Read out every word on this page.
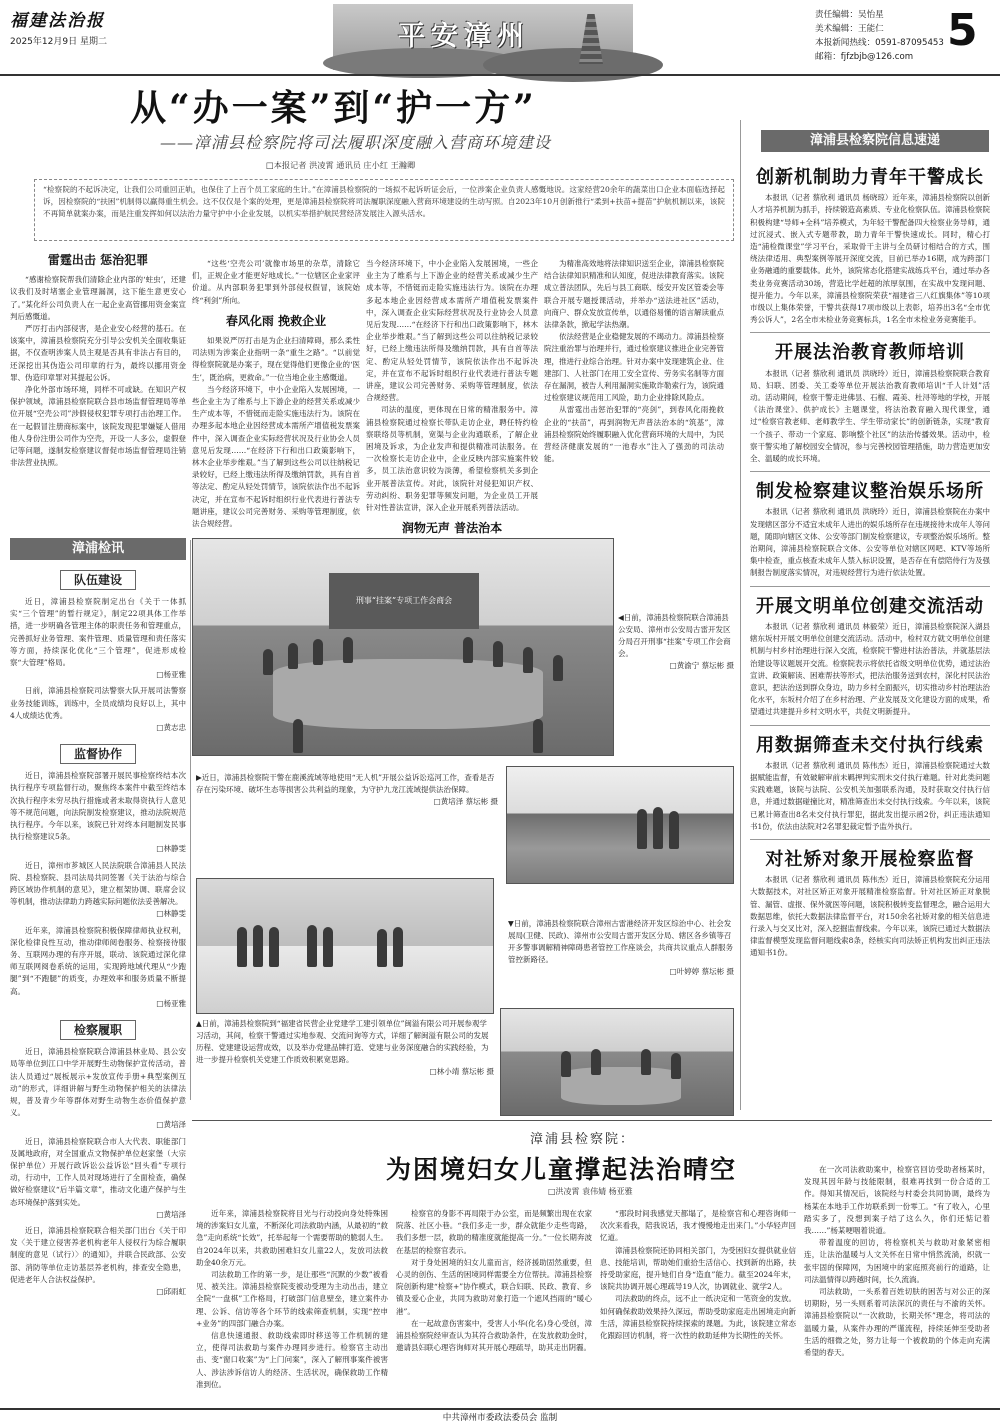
福建法治报
2025年12月9日 星期二	平安漳州
责任编辑：吴怡星
美术编辑：王能仁
本报新闻热线：0591-87095453
邮箱：fjfzbjb@126.com
5
从“办一案”到“护一方”
——漳浦县检察院将司法履职深度融入营商环境建设
□本报记者 洪凌霄 通讯员 庄小红 王瀚卿
“检察院的不起诉决定，让我们公司重回正轨，也保住了上百个员工家庭的生计。”在漳浦县检察院的一场拟不起诉听证会后，一位涉案企业负责人感慨地说。这家经营20余年的蔬菜出口企业本面临选择起诉，因检察院的“扶困”机制得以赢得重生机会。这不仅仅是个案的处理，更是漳浦县检察院将司法履职深度融入营商环境建设的生动写照。自2023年10月创新推行“柔到+扶苗+提苗”护航机制以来，该院不再简单就案办案，而是注重发挥如何以法治力量守护中小企业发展，以机实举措护航民营经济发展注入源头活水。
雷霆出击 惩治犯罪

“感谢检察院帮我们清除企业内部的‘蛀虫’，还建议我们及时堵塞企业管理漏洞，这下能生意更安心了。”某化纤公司负责人在一起企业高管挪用资金案宣判后感慨道。

严厉打击内部侵害，是企业安心经营的基石。在该案中，漳浦县检察院充分引导公安机关全面收集证据，不仅查明涉案人员主观是否具有非法占有目的，还深挖出其伪造公司印章的行为，最终以挪用资金罪、伪造印章罪对其提起公诉。

净化外部市场环境，同样不可或缺。在知识产权保护领域，漳浦县检察院联合县市场监督管理局等单位开展“空壳公司”涉假侵权犯罪专项打击治理工作。在一起假冒注册商标案中，该院发现犯罪嫌疑人借用他人身份注册公司作为空壳，开设一人多公，虚假登记等问题，遂制发检察建议督促市场监督管理局注销非法营业执照。

“这些‘空壳公司’就像市场里的杂草，清除它们，正规企业才能更好地成长。”一位辖区企业家评价道。从内部职务犯罪到外部侵权假冒，该院始终“利剑”所向。

春风化雨 挽救企业

如果说严厉打击是为企业扫清障碍，那么柔性司法则为涉案企业指明一条“重生之路”。“以前觉得检察院就是办案子，现在觉得他们更像企业的‘医生’，既治病，更救命。”一位当地企业主感慨道。

当今经济环境下，中小企业陷入发展困境，一些企业主为了维系与上下游企业的经营关系或减少生产成本等，不惜铤而走险实施违法行为。该院在办理多起本地企业因经营成本需所产增值税发票案件中，深入调查企业实际经营状况及行业协会人员意见后发现……“在经济下行和出口政策影响下，林木企业举步维艰。”当了解到这些公司以往纳税记录较好，已经上缴违法所得及缴纳罚款，具有自首等法定、酌定从轻处罚情节，该院依法作出不起诉决定，并在宣布不起诉时组织行业代表进行普法专题讲座，建议公司完善财务、采购等管理制度，依法合规经营。

当今经济环境下，中小企业陷入发展困境，一些企业主为了维系与上下游企业的经营关系或减少生产成本等，不惜铤而走险实施违法行为。该院在办理多起本地企业因经营成本需所产增值税发票案件中，深入调查企业实际经营状况及行业协会人员意见后发现……“在经济下行和出口政策影响下，林木企业举步维艰。”当了解到这些公司以往纳税记录较好，已经上缴违法所得及缴纳罚款，具有自首等法定、酌定从轻处罚情节，该院依法作出不起诉决定，并在宣布不起诉时组织行业代表进行普法专题讲座，建议公司完善财务、采购等管理制度，依法合规经营。

司法的温度，更体现在日常的精准服务中。漳浦县检察院通过检察长带队走访企业，聘任特约检察联络员等机制，宽渠与企业沟通联系，了解企业困境及诉求，为企业发声和提供精准司法服务。在一次检察长走访企业中，企业反映内部实施案件较多，员工法治意识较为淡薄，希望检察机关多到企业开展普法宣传。对此，该院针对侵犯知识产权、劳动纠纷、职务犯罪等频发问题，为企业员工开展针对性普法宣讲，深入企业开展系列普法活动。

润物无声 普法治本

为精准高效地将法律知识送至企业，漳浦县检察院结合法律知识精准和认知度，促进法律教育落实。该院成立普法团队，先后与县工商联、绥安开发区管委会等联合开展专题授课活动，并举办“送法进社区”活动，向商户、群众发放宣传单，以通俗易懂的语言解读重点法律条款，掀起学法热潮。

依法经营是企业稳健发展的不竭动力。漳浦县检察院注重治罪与治理并行，通过检察建议推进企业完善管理，推进行业综合治理。针对办案中发现建筑企业、住建部门、人社部门在用工安全宣传、劳务实名制等方面存在漏洞，被告人利用漏洞实施欺诈勒索行为，该院通过检察建议规范用工风险，助力企业排除风险点。

从雷霆出击惩治犯罪的“亮剑”，到春风化雨挽救企业的“扶苗”，再到润物无声普法治本的“筑基”，漳浦县检察院始终履职融入优化营商环境的大局中，为民营经济健康发展的“一池春水”注入了强劲的司法动能。

刑事“挂案”专项工作会商会
◀日前，漳浦县检察院联合漳浦县公安局、漳州市公安局古雷开发区分局召开刑事“挂案”专项工作会商会。
□黄渝宁 蔡坛彬 摄
▶近日，漳浦县检察院干警在鹿溪流域等地使用“无人机”开展公益诉讼巡河工作，查看是否存在污染环境、破坏生态等损害公共利益的现象，为守护九龙江流域提供法治保障。
□黄培泽 蔡坛彬 摄
▼日前，漳浦县检察院联合漳州古雷港经济开发区综治中心、社会发展局(卫健、民政)、漳州市公安局古雷开发区分局、辖区各乡镇等召开多警事调解精神障碍患者管控工作座谈会，共商共议重点人群服务管控新路径。
□叶婷婷 蔡坛彬 摄
▲日前，漳浦县检察院到“福建省民营企业党建学工建引领单位”闽溢有限公司开展参观学习活动，其间，检察干警通过实地参观、交流问询等方式，详细了解闽溢有限公司的发展历程、党建建设运营成效，以及举办党建品牌打造、党建与业务深度融合的实践经验，为进一步提升检察机关党建工作质效积累宽思路。
□林小靖 蔡坛彬 摄
漳浦检讯
队伍建设

近日，漳浦县检察院制定出台《关于一体抓实“三个管理”的暂行规定》，制定22项具体工作举措，进一步明确各管理主体的职责任务和管理重点，完善抓好业务管理、案件管理、质量管理和责任落实等方面，持续深化优化“三个管理”，促进形成检察“大管理”格局。

□杨亚雅

日前，漳浦县检察院司法警察大队开展司法警察业务技能训练，训练中，全员成绩均良好以上，其中4人成绩达优秀。

□黄志忠
监督协作

近日，漳浦县检察院部署开展民事检察终结本次执行程序专项监督行动，聚焦终本案件中截至终结本次执行程序未穷尽执行措施或者未取得资执行人意见等不规范问题，向法院制发检察建议，推动法院规范执行程序。今年以来，该院已针对终本问题制发民事执行检察建议5条。

□林静雯

近日，漳州市芗城区人民法院联合漳浦县人民法院、县检察院、县司法局共同签署《关于法治与综合跨区域协作机制的意见》，建立框架协调、联席会议等机制，推动法律助力跨越实际问题依法妥善解决。

□林静雯

近年来，漳浦县检察院积极保障律师执业权利，深化检律良性互动，推动律师阅卷服务、检察接待服务、互联网办理的有序开展，联动、该院通过深化律师互联网阅卷系统的运用，实现跨地域代理从“少跑腿”到“不跑腿”的质变，办理效率和服务质量不断提高。

□杨亚雅
检察履职

近日，漳浦县检察院联合漳浦县林业局、县公安局等单位到江口中学开展野生动物保护宣传活动，普法人员通过“展板展示+发放宣传手册+典型案例互动”的形式，详细讲解与野生动物保护相关的法律法规，普及青少年等群体对野生动物生态价值保护意义。

□黄培泽

近日，漳浦县检察院联合市人大代表、职能部门及属地政府，对全国重点文物保护单位赵家堡（大宗保护单位）开展行政诉讼公益诉讼“回头看”专项行动，行动中，工作人员对现场进行了全面检查，确保做好检察建议“后半篇文章”，推动文化遗产保护与生态环境保护落到实处。

□黄培泽

近日，漳浦县检察院联合相关部门出台《关于印发〈关于建立侵害养老机构老年人侵权行为综合履职制度的意见（试行）〉的通知》，并联合民政部、公安部、消防等单位走访基层养老机构，排查安全隐患，促进老年人合法权益保护。

□邱雨虹
漳浦县检察院信息速递
创新机制助力青年干警成长

本报讯（记者 蔡欣利 通讯员 杨晓琼）近年来，漳浦县检察院以创新人才培养机制为抓手，持续锻造高素质、专业化检察队伍。漳浦县检察院积极构建“导师+全科”培养模式，为年轻干警配备四大检察业务导师，通过沉浸式、嵌入式专题带教，助力青年干警快速成长。同时，精心打造“浦检微课堂”学习平台，采取骨干主讲与全员研讨相结合的方式，围绕法律适用、典型案例等展开深度交流，目前已举办16期，成为跨部门业务融通的重要载体。此外，该院常态化搭建实战练兵平台，通过举办各类业务竞赛活动30场，营造比学赶超的浓厚氛围，在实战中发现问题、提升能力。今年以来，漳浦县检察院荣获“福建省三八红旗集体”等10项市级以上集体荣誉，干警共获得17项市级以上表彰，培养出3名“全市优秀公诉人”，2名全市未检业务竞赛标兵，1名全市未检业务竞赛能手。

开展法治教育教师培训

本报讯（记者 蔡欣利 通讯员 洪晓玲）近日，漳浦县检察院联合教育局、妇联、团委、关工委等单位开展法治教育教师培训“千人计划”活动。活动期间，检察干警走进佛昙、石榴、霞美、杜浔等地的学校，开展《法治课堂》、供护成长》主题课堂，将法治教育融入现代课堂，通过“检察官教老师、老师教学生、学生带动家长”的创新链条，实现“教育一个孩子、带动一个家庭、影响整个社区”的法治传播效果。活动中，检察干警实地了解校园安全情况，参与完善校园管理措施，助力营造更加安全、温暖的成长环境。

制发检察建议整治娱乐场所

本报讯（记者 蔡欣利 通讯员 洪晓玲）近日，漳浦县检察院在办案中发现辖区部分不适宜未成年人进出的娱乐场所存在违规接待未成年人等问题，随即向辖区文体、公安等部门制发检察建议，专项整治娱乐场所。整治期间，漳浦县检察院联合文体、公安等单位对辖区网吧、KTV等场所集中检查，重点核查未成年人禁入标识设置，是否存在有偿陪侍行为及强制报告制度落实情况，对违规经营行为进行依法处置。

开展文明单位创建交流活动

本报讯（记者 蔡欣利 通讯员 林毅荣）近日，漳浦县检察院深入湖县辖东坂村开展文明单位创建交流活动。活动中，检村双方就文明单位创建机制与村乡村治理进行深入交流，检察院干警进村法治普法，并就基层法治建设等议题展开交流。检察院表示将依托省级文明单位优势，通过法治宣讲、政策解读、困难帮扶等形式，把法治服务送到农村，深化村民法治意识，把法治送到群众身边，助力乡村全面振兴，切实推动乡村治理法治化水平，东坂村介绍了在乡村治理、产业发展及文化建设方面的成果，希望通过共建提升乡村文明水平，共促文明新提升。

用数据筛查未交付执行线索

本报讯（记者 蔡欣利 通讯员 陈伟杰）近日，漳浦县检察院通过大数据赋能监督，有效破解审前未羁押判实刑未交付执行难题。针对此类问题实践难题，该院与法院、公安机关加强联系沟通，及时获取交付执行信息，并通过数据碰撞比对，精准筛查出未交付执行线索。今年以来，该院已累计筛查出8名未交付执行罪犯，据此发出提示函2份，纠正违法通知书1份，依法由法院对2名罪犯裁定暂予监外执行。

对社矫对象开展检察监督

本报讯（记者 蔡欣利 通讯员 陈伟杰）近日，漳浦县检察院充分运用大数据技术，对社区矫正对象开展精准检察监督。针对社区矫正对象脱管、漏管、虚报、保外就医等问题，该院积极转变监督理念，融合运用大数据思维，依托大数据法律监督平台，对150余名社矫对象的相关信息进行录入与交叉比对，深入挖掘监督线索。今年以来，该院已通过大数据法律监督模型发现监督问题线索8条，经核实向司法矫正机构发出纠正违法通知书1份。

漳浦县检察院：
为困境妇女儿童撑起法治晴空
□洪凌霄 袁伟婧 杨亚雅

近年来，漳浦县检察院将目光与行动投向身处特殊困境的涉案妇女儿童，不断深化司法救助内涵，从最初的“救急”走向系统“长效”，托举起每一个需要帮助的脆弱人生。自2024年以来，共救助困难妇女儿童22人，发放司法救助金40余万元。

司法救助工作的第一步，是让那些“沉默的少数”被看见、被关注。漳浦县检察院变被动受理为主动出击，建立全院“一盘棋”工作格局，打破部门信息壁垒，建立案件办理、公诉、信访等各个环节的线索筛查机制，实现“控申+业务”的四部门融合办案。

信息快速通报、救助线索即时移送等工作机制的建立，使得司法救助与案件办理同步进行。检察官主动出击、变“窗口收案”为“上门问案”，深入了解刑事案件被害人、涉法涉诉信访人的经济、生活状况，确保救助工作精准到位。

检察官的身影不再局限于办公室，而是频繁出现在农家院落、社区小巷。“我们多走一步，群众就能少走些弯路，我们多想一层，救助的精准度就能提高一分。”一位长期奔波在基层的检察官表示。

对于身处困境的妇女儿童而言，经济援助固然重要，但心灵的创伤、生活的困境同样需要全方位帮扶。漳浦县检察院创新构建“检察+”协作模式，联合妇联、民政、教育、乡镇及爱心企业，共同为救助对象打造一个遮风挡雨的“暖心港”。

在一起故意伤害案中，受害人小华(化名)身心受创，漳浦县检察院经审查认为其符合救助条件，在发放救助金时，邀请县妇联心理咨询师对其开展心理疏导，助其走出阴霾。

“那段时间我感觉天都塌了，是检察官和心理咨询师一次次来看我，陪我说话，我才慢慢地走出来门。”小华轻声回忆道。

漳浦县检察院还协同相关部门，为受困妇女提供就业信息、技能培训，帮助她们重拾生活信心、找到新的出路，扶持受助家庭，提升她们自身“造血”能力。截至2024年末，该院共协调开展心理疏导19人次，协调就业、就学2人。

司法救助的终点，远不止一纸决定和一笔资金的发放。如何确保救助效果持久深远，帮助受助家庭走出困境走向新生活，漳浦县检察院持续探索的课题。为此，该院建立常态化跟踪回访机制，将一次性的救助延伸为长期性的关怀。

在一次司法救助案中，检察官回访受助者杨某时，发现其因年龄与技能限制，很难再找到一份合适的工作。得知其情况后，该院经与村委会共同协调，最终为杨某在本地手工作坊联系到一份零工。“有了收入，心里踏实多了，没想到案子结了这么久，你们还惦记着我……”杨某哽咽着说道。

带着温度的回访，将检察机关与救助对象紧密相连，让法治温暖与人文关怀在日常中悄然流淌，织就一张牢固的保障网，为困境中的家庭照亮前行的道路，让司法温情得以跨越时间，长久流淌。

司法救助，一头系着百姓切肤的困苦与对公正的深切期盼，另一头则系着司法深沉的责任与不渝的关怀。漳浦县检察院以“一次救助，长期关怀”理念，将司法的温暖力量，从案件办理的严谨流程，持续延伸至受助者生活的细微之处，努力让每一个被救助的个体走向充满希望的春天。

中共漳州市委政法委员会 监制
